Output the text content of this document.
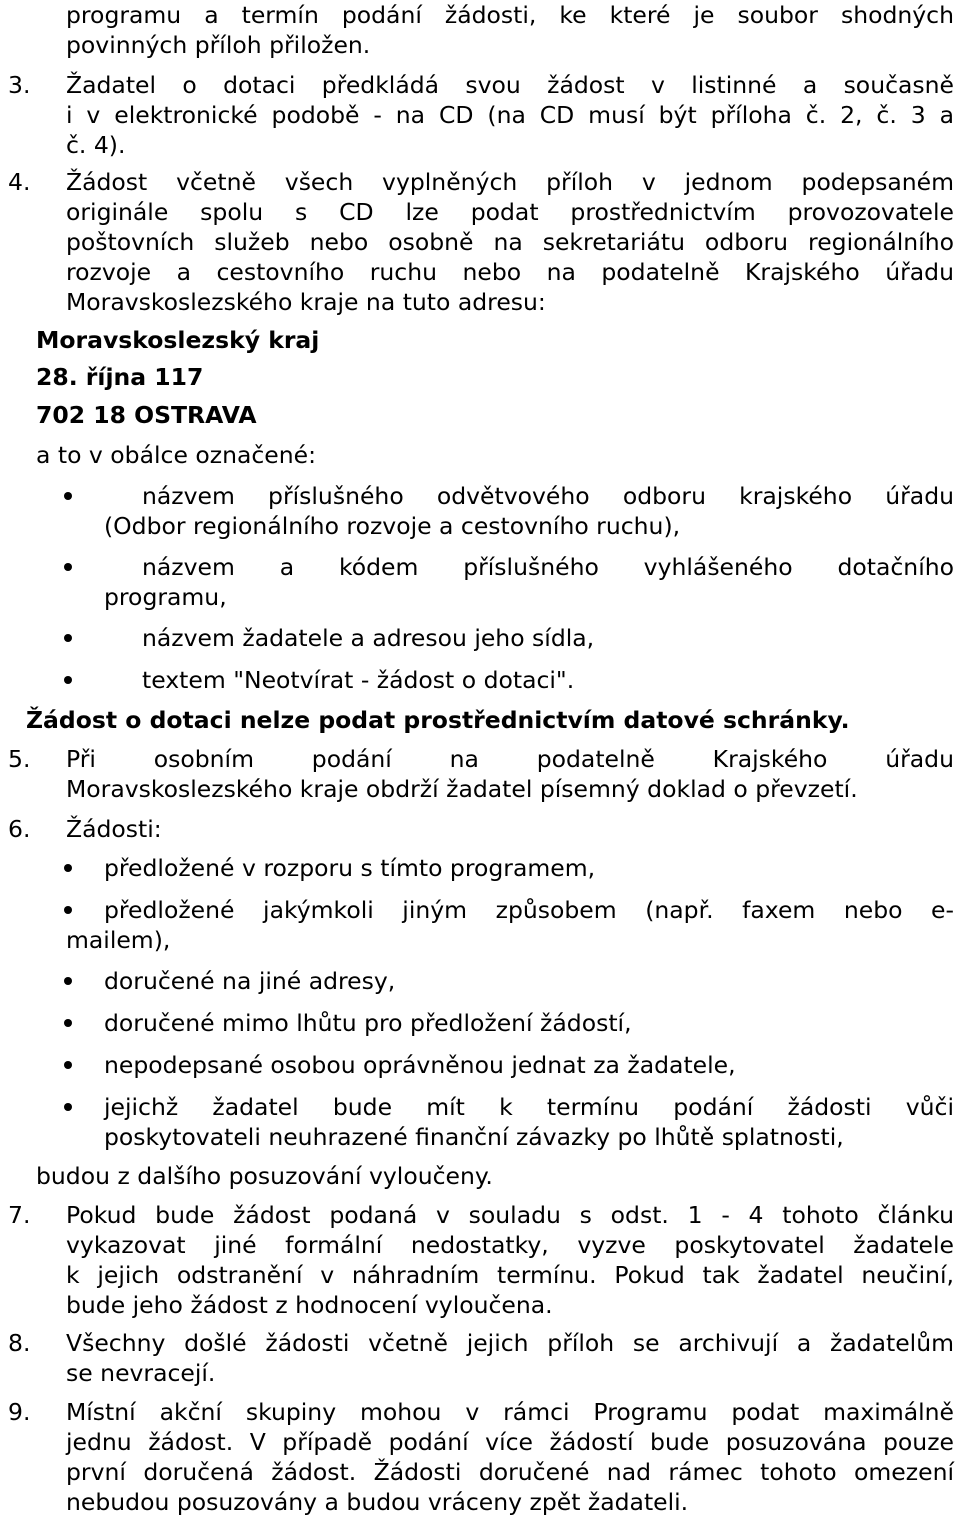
programu a termín podání žádosti, ke které je soubor shodných
povinných příloh přiložen.
3.	Žadatel o dotaci předkládá svou žádost v listinné a současně
i v elektronické podobě - na CD (na CD musí být příloha č. 2, č. 3 a
č. 4).
4.	Žádost včetně všech vyplněných příloh v jednom podepsaném
originále spolu s CD lze podat prostřednictvím provozovatele
poštovních služeb nebo osobně na sekretariátu odboru regionálního
rozvoje a cestovního ruchu nebo na podatelně Krajského úřadu
Moravskoslezského kraje na tuto adresu:
Moravskoslezský kraj
28. října 117
702 18 OSTRAVA
a to v obálce označené:
názvem příslušného odvětvového odboru krajského úřadu
(Odbor regionálního rozvoje a cestovního ruchu),
názvem a kódem příslušného vyhlášeného dotačního
programu,
názvem žadatele a adresou jeho sídla,
textem "Neotvírat - žádost o dotaci".
Žádost o dotaci nelze podat prostřednictvím datové schránky.
5.	Při osobním podání na podatelně Krajského úřadu
Moravskoslezského kraje obdrží žadatel písemný doklad o převzetí.
6.	Žádosti:
předložené v rozporu s tímto programem,
předložené jakýmkoli jiným způsobem (např. faxem nebo e-
mailem),
doručené na jiné adresy,
doručené mimo lhůtu pro předložení žádostí,
nepodepsané osobou oprávněnou jednat za žadatele,
jejichž žadatel bude mít k termínu podání žádosti vůči
poskytovateli neuhrazené finanční závazky po lhůtě splatnosti,
budou z dalšího posuzování vyloučeny.
7.	Pokud bude žádost podaná v souladu s odst. 1 - 4 tohoto článku
vykazovat jiné formální nedostatky, vyzve poskytovatel žadatele
k jejich odstranění v náhradním termínu. Pokud tak žadatel neučiní,
bude jeho žádost z hodnocení vyloučena.
8.	Všechny došlé žádosti včetně jejich příloh se archivují a žadatelům
se nevracejí.
9.	Místní akční skupiny mohou v rámci Programu podat maximálně
jednu žádost. V případě podání více žádostí bude posuzována pouze
první doručená žádost. Žádosti doručené nad rámec tohoto omezení
nebudou posuzovány a budou vráceny zpět žadateli.
